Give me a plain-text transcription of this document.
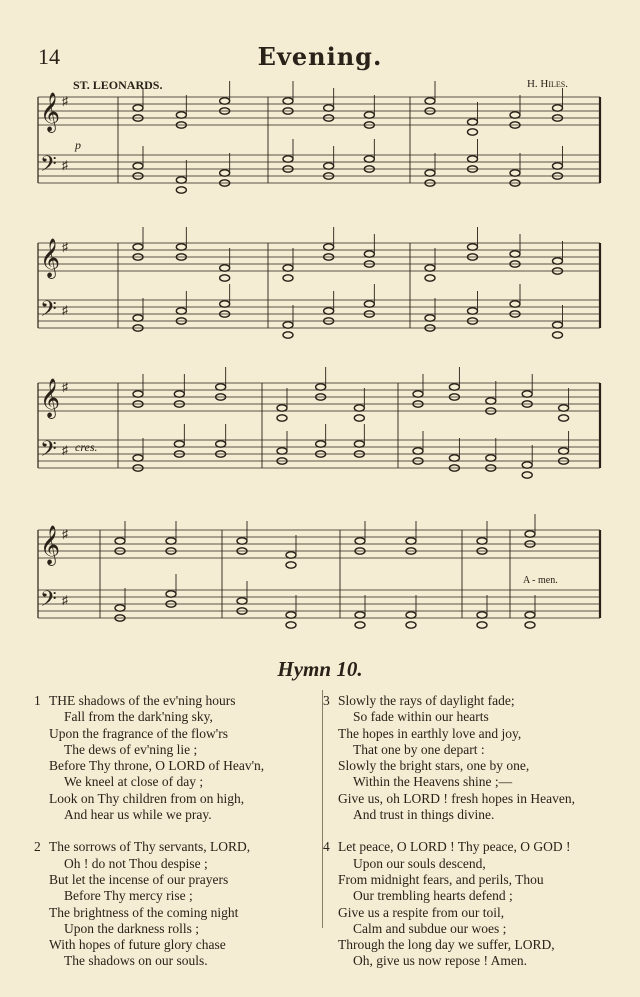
14	Evening.
ST. LEONARDS.	H. Hiles.
𝄞 ♯
𝄢 ♯
𝄞 ♯
𝄢 ♯
𝄞 ♯
𝄢 ♯
𝄞 ♯
𝄢 ♯
p
cres.
A - men.
Hymn 10.
1 THE shadows of the ev'ning hours
Fall from the dark'ning sky,
Upon the fragrance of the flow'rs
The dews of ev'ning lie ;
Before Thy throne, O LORD of Heav'n,
We kneel at close of day ;
Look on Thy children from on high,
And hear us while we pray.
2 The sorrows of Thy servants, LORD,
Oh ! do not Thou despise ;
But let the incense of our prayers
Before Thy mercy rise ;
The brightness of the coming night
Upon the darkness rolls ;
With hopes of future glory chase
The shadows on our souls.
3 Slowly the rays of daylight fade;
So fade within our hearts
The hopes in earthly love and joy,
That one by one depart :
Slowly the bright stars, one by one,
Within the Heavens shine ;—
Give us, oh LORD ! fresh hopes in Heaven,
And trust in things divine.
4 Let peace, O LORD ! Thy peace, O GOD !
Upon our souls descend,
From midnight fears, and perils, Thou
Our trembling hearts defend ;
Give us a respite from our toil,
Calm and subdue our woes ;
Through the long day we suffer, LORD,
Oh, give us now repose ! Amen.
